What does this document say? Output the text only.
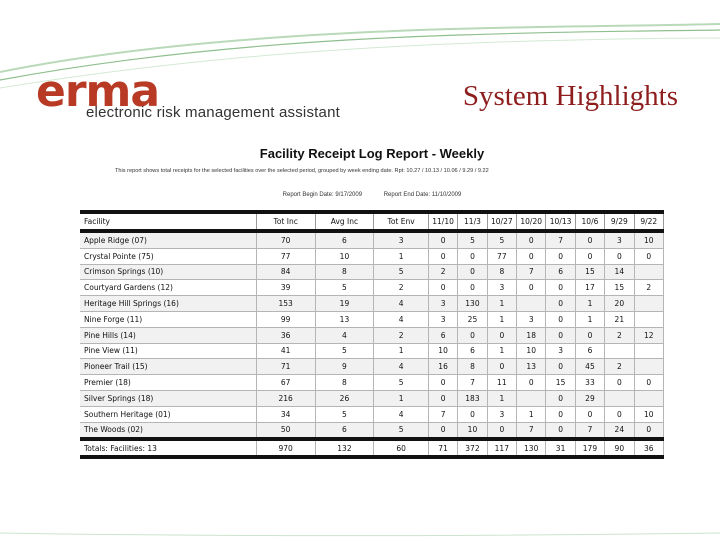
erma
electronic risk management assistant
System Highlights
Facility Receipt Log Report - Weekly
This report shows total receipts for the selected facilities over the selected period, grouped by week ending date. Rpt: 10.27 / 10.13 / 10.06 / 9.29 / 9.22
Report Begin Date: 9/17/2009	Report End Date: 11/10/2009
Facility	Tot Inc	Avg Inc	Tot Env	11/10	11/3	10/27	10/20	10/13	10/6	9/29	9/22
Apple Ridge (07)	70	6	3	0	5	5	0	7	0	3	10
Crystal Pointe (75)	77	10	1	0	0	77	0	0	0	0	0
Crimson Springs (10)	84	8	5	2	0	8	7	6	15	14	
Courtyard Gardens (12)	39	5	2	0	0	3	0	0	17	15	2
Heritage Hill Springs (16)	153	19	4	3	130	1		0	1	20	
Nine Forge (11)	99	13	4	3	25	1	3	0	1	21	
Pine Hills (14)	36	4	2	6	0	0	18	0	0	2	12
Pine View (11)	41	5	1	10	6	1	10	3	6		
Pioneer Trail (15)	71	9	4	16	8	0	13	0	45	2	
Premier (18)	67	8	5	0	7	11	0	15	33	0	0
Silver Springs (18)	216	26	1	0	183	1		0	29		
Southern Heritage (01)	34	5	4	7	0	3	1	0	0	0	10
The Woods (02)	50	6	5	0	10	0	7	0	7	24	0
Totals: Facilities: 13	970	132	60	71	372	117	130	31	179	90	36
